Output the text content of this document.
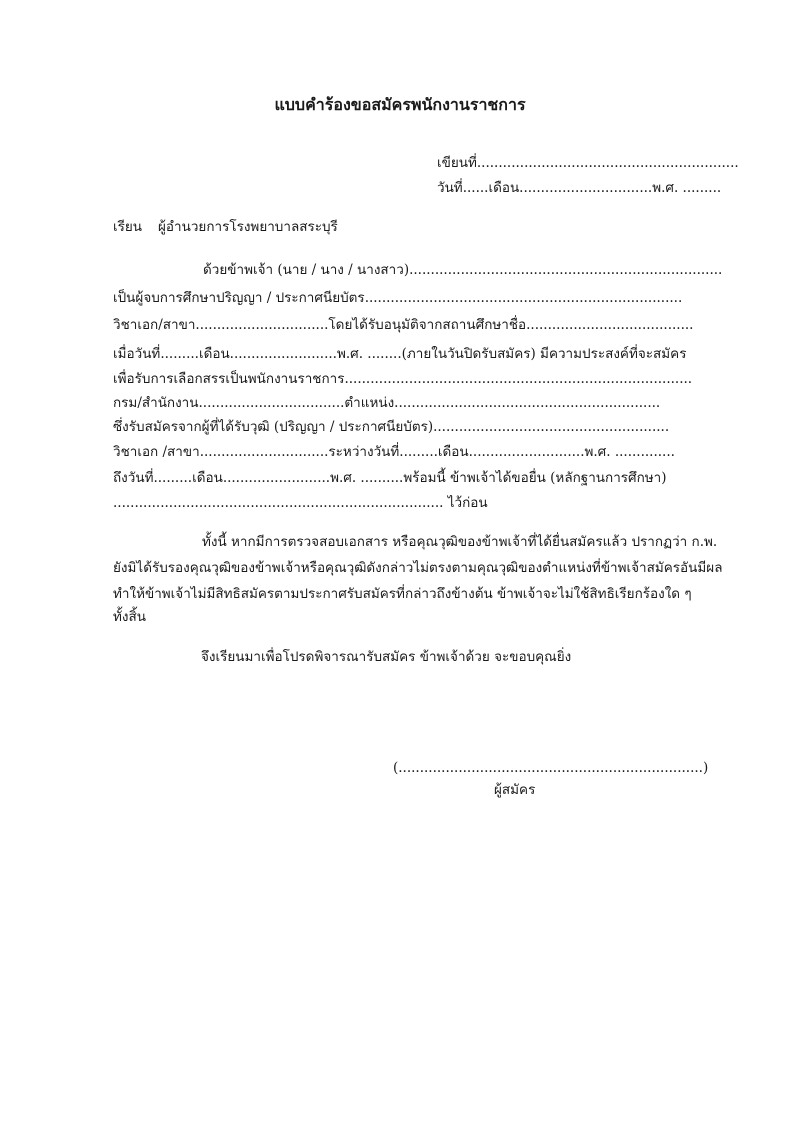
แบบคำร้องขอสมัครพนักงานราชการ
เขียนที่.............................................................
วันที่......เดือน...............................พ.ศ. .........
เรียน ผู้อำนวยการโรงพยาบาลสระบุรี
ด้วยข้าพเจ้า (นาย / นาง / นางสาว).........................................................................
เป็นผู้จบการศึกษาปริญญา / ประกาศนียบัตร..........................................................................
วิชาเอก/สาขา...............................โดยได้รับอนุมัติจากสถานศึกษาชื่อ.......................................
เมื่อวันที่.........เดือน.........................พ.ศ. ........(ภายในวันปิดรับสมัคร) มีความประสงค์ที่จะสมัคร
เพื่อรับการเลือกสรรเป็นพนักงานราชการ.................................................................................
กรม/สำนักงาน..................................ตำแหน่ง..............................................................
ซึ่งรับสมัครจากผู้ที่ได้รับวุฒิ (ปริญญา / ประกาศนียบัตร).......................................................
วิชาเอก /สาขา..............................ระหว่างวันที่.........เดือน...........................พ.ศ. ..............
ถึงวันที่.........เดือน.........................พ.ศ. ..........พร้อมนี้ ข้าพเจ้าได้ขอยื่น (หลักฐานการศึกษา)
............................................................................. ไว้ก่อน
ทั้งนี้ หากมีการตรวจสอบเอกสาร หรือคุณวุฒิของข้าพเจ้าที่ได้ยื่นสมัครแล้ว ปรากฏว่า ก.พ.
ยังมิได้รับรองคุณวุฒิของข้าพเจ้าหรือคุณวุฒิดังกล่าวไม่ตรงตามคุณวุฒิของตำแหน่งที่ข้าพเจ้าสมัครอันมีผล
ทำให้ข้าพเจ้าไม่มีสิทธิสมัครตามประกาศรับสมัครที่กล่าวถึงข้างต้น ข้าพเจ้าจะไม่ใช้สิทธิเรียกร้องใด ๆ
ทั้งสิ้น
จึงเรียนมาเพื่อโปรดพิจารณารับสมัคร ข้าพเจ้าด้วย จะขอบคุณยิ่ง
(.......................................................................)
ผู้สมัคร
